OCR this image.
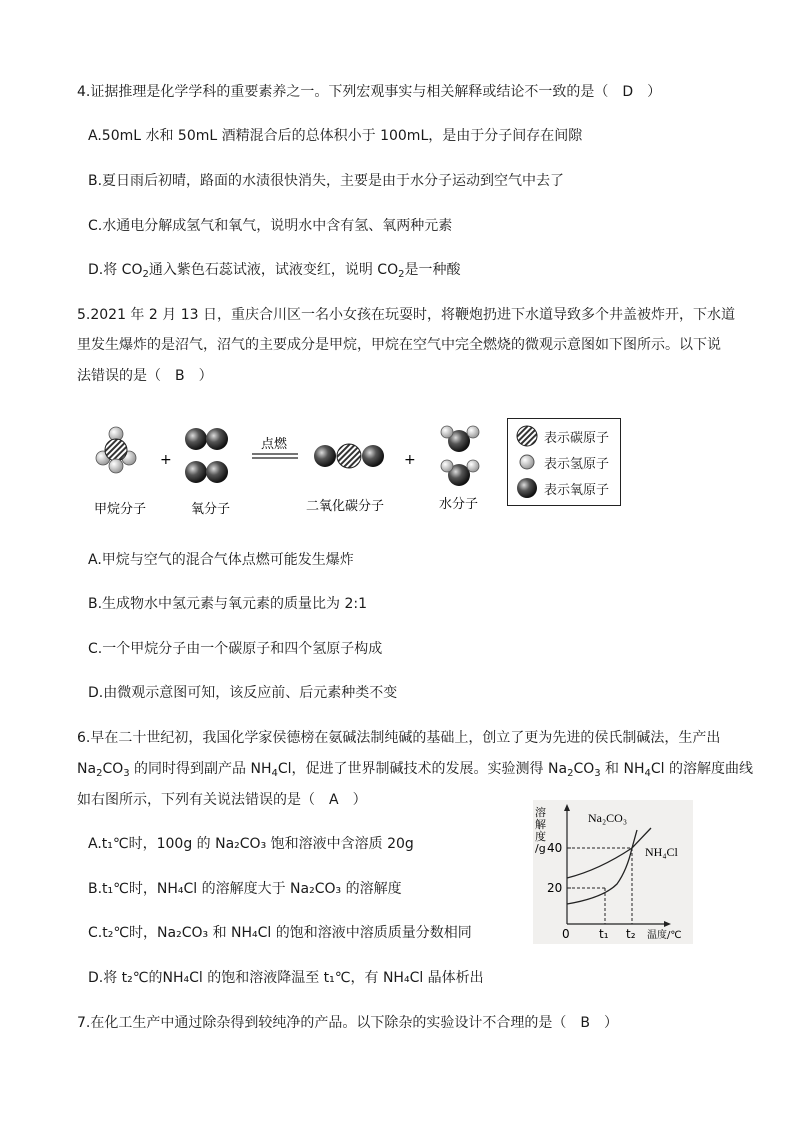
4.证据推理是化学学科的重要素养之一。下列宏观事实与相关解释或结论不一致的是（ D ）
A.50mL 水和 50mL 酒精混合后的总体积小于 100mL，是由于分子间存在间隙
B.夏日雨后初晴，路面的水渍很快消失，主要是由于水分子运动到空气中去了
C.水通电分解成氢气和氧气，说明水中含有氢、氧两种元素
D.将 $CO_2$通入紫色石蕊试液，试液变红，说明 $CO_2$是一种酸
5.2021 年 2 月 13 日，重庆合川区一名小女孩在玩耍时，将鞭炮扔进下水道导致多个井盖被炸开，下水道
里发生爆炸的是沼气，沼气的主要成分是甲烷，甲烷在空气中完全燃烧的微观示意图如下图所示。以下说
法错误的是（ B ）
+
点燃
+
甲烷分子	氧分子	二氧化碳分子	水分子
表示碳原子
表示氢原子
表示氧原子
A.甲烷与空气的混合气体点燃可能发生爆炸
B.生成物水中氢元素与氧元素的质量比为 2:1
C.一个甲烷分子由一个碳原子和四个氢原子构成
D.由微观示意图可知，该反应前、后元素种类不变
6.早在二十世纪初，我国化学家侯德榜在氨碱法制纯碱的基础上，创立了更为先进的侯氏制碱法，生产出
$Na_2CO_3$ 的同时得到副产品 $NH_4Cl$，促进了世界制碱技术的发展。实验测得 $Na_2CO_3$ 和 $NH_4Cl$ 的溶解度曲线
如右图所示，下列有关说法错误的是（ A ）
A.t₁℃时，100g 的 Na₂CO₃ 饱和溶液中含溶质 20g
B.t₁℃时，NH₄Cl 的溶解度大于 Na₂CO₃ 的溶解度
C.t₂℃时，Na₂CO₃ 和 NH₄Cl 的饱和溶液中溶质质量分数相同
D.将 t₂℃的NH₄Cl 的饱和溶液降温至 t₁℃，有 NH₄Cl 晶体析出
溶解度/g 40
20
0 t₁ t₂ 温度/℃
Na₂CO₃
NH₄Cl
7.在化工生产中通过除杂得到较纯净的产品。以下除杂的实验设计不合理的是（ B ）
